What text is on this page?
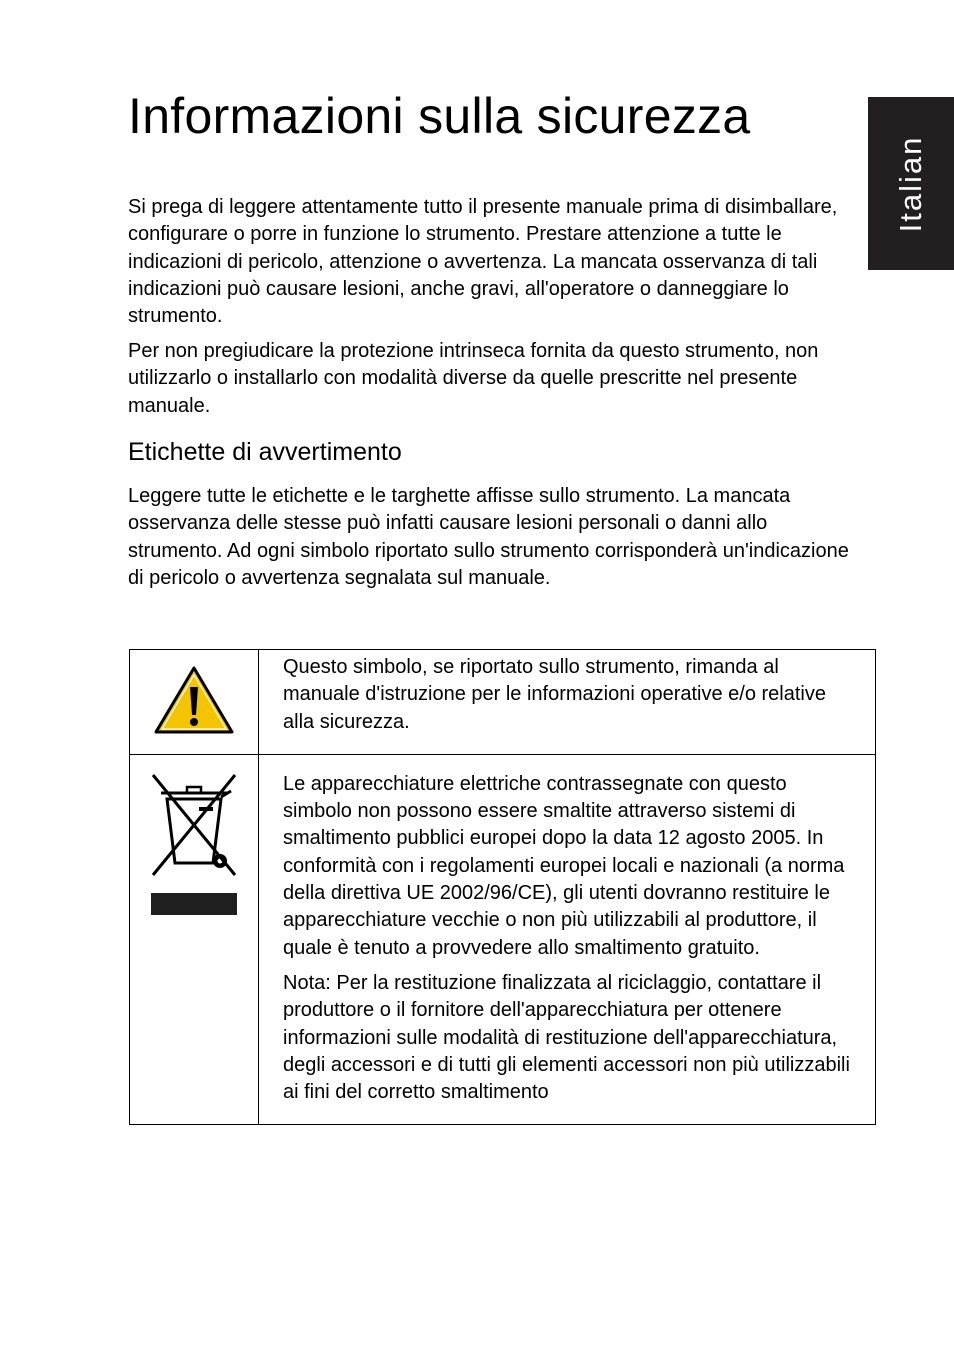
Italian
Informazioni sulla sicurezza

Si prega di leggere attentamente tutto il presente manuale prima di disimballare, configurare o porre in funzione lo strumento. Prestare attenzione a tutte le indicazioni di pericolo, attenzione o avvertenza. La mancata osservanza di tali indicazioni può causare lesioni, anche gravi, all'operatore o danneggiare lo strumento.

Per non pregiudicare la protezione intrinseca fornita da questo strumento, non utilizzarlo o installarlo con modalità diverse da quelle prescritte nel presente manuale.

Etichette di avvertimento

Leggere tutte le etichette e le targhette affisse sullo strumento. La mancata osservanza delle stesse può infatti causare lesioni personali o danni allo strumento. Ad ogni simbolo riportato sullo strumento corrisponderà un'indicazione di pericolo o avvertenza segnalata sul manuale.

Questo simbolo, se riportato sullo strumento, rimanda al manuale d'istruzione per le informazioni operative e/o relative alla sicurezza.

Le apparecchiature elettriche contrassegnate con questo simbolo non possono essere smaltite attraverso sistemi di smaltimento pubblici europei dopo la data 12 agosto 2005. In conformità con i regolamenti europei locali e nazionali (a norma della direttiva UE 2002/96/CE), gli utenti dovranno restituire le apparecchiature vecchie o non più utilizzabili al produttore, il quale è tenuto a provvedere allo smaltimento gratuito.

Nota: Per la restituzione finalizzata al riciclaggio, contattare il produttore o il fornitore dell'apparecchiatura per ottenere informazioni sulle modalità di restituzione dell'apparecchiatura, degli accessori e di tutti gli elementi accessori non più utilizzabili ai fini del corretto smaltimento
